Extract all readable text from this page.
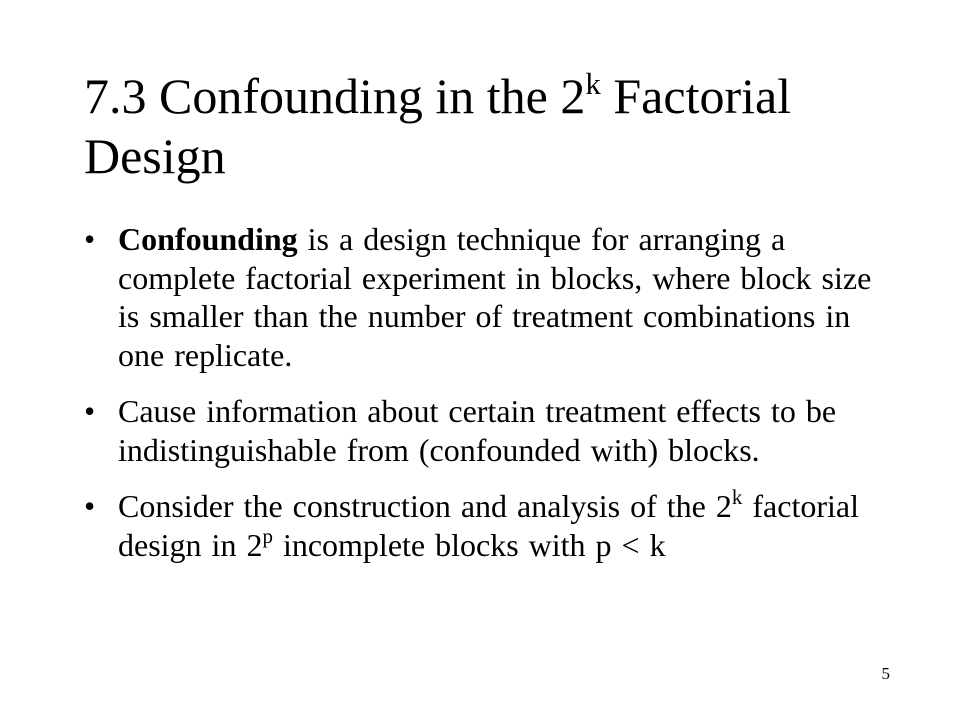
7.3 Confounding in the 2$^k$ Factorial Design
• Confounding is a design technique for arranging a complete factorial experiment in blocks, where block size is smaller than the number of treatment combinations in one replicate.
• Cause information about certain treatment effects to be indistinguishable from (confounded with) blocks.
• Consider the construction and analysis of the 2$^k$ factorial design in 2$^p$ incomplete blocks with p < k
5
